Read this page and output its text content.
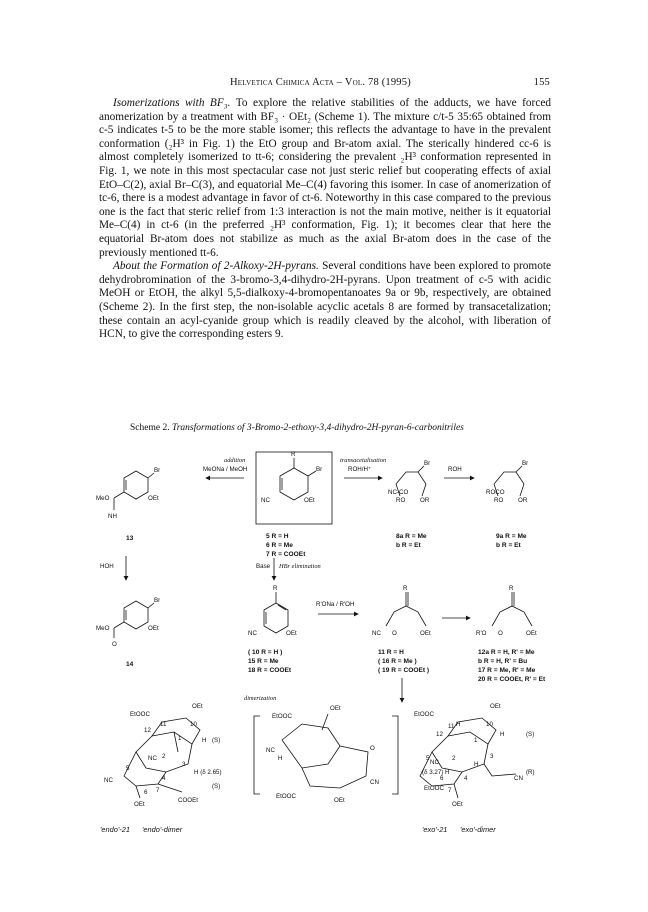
Helvetica Chimica Acta – Vol. 78 (1995)	155

Isomerizations with BF₃. To explore the relative stabilities of the adducts, we have forced anomerization by a treatment with BF₃ · OEt₂ (Scheme 1). The mixture c/t-5 35:65 obtained from c-5 indicates t-5 to be the more stable isomer; this reflects the advantage to have in the prevalent conformation (₂H³ in Fig. 1) the EtO group and Br-atom axial. The sterically hindered cc-6 is almost completely isomerized to tt-6; considering the prevalent ₂H³ conformation represented in Fig. 1, we note in this most spectacular case not just steric relief but cooperating effects of axial EtO–C(2), axial Br–C(3), and equatorial Me–C(4) favoring this isomer. In case of anomerization of tc-6, there is a modest advantage in favor of ct-6. Noteworthy in this case compared to the previous one is the fact that steric relief from 1:3 interaction is not the main motive, neither is it equatorial Me–C(4) in ct-6 (in the preferred ₂H³ conformation, Fig. 1); it becomes clear that here the equatorial Br-atom does not stabilize as much as the axial Br-atom does in the case of the previously mentioned tt-6.

About the Formation of 2-Alkoxy-2H-pyrans. Several conditions have been explored to promote dehydrobromination of the 3-bromo-3,4-dihydro-2H-pyrans. Upon treatment of c-5 with acidic MeOH or EtOH, the alkyl 5,5-dialkoxy-4-bromopentanoates 9a or 9b, respectively, are obtained (Scheme 2). In the first step, the non-isolable acyclic acetals 8 are formed by transacetalization; these contain an acyl-cyanide group which is readily cleaved by the alcohol, with liberation of HCN, to give the corresponding esters 9.

Scheme 2. Transformations of 3-Bromo-2-ethoxy-3,4-dihydro-2H-pyran-6-carbonitriles
Br
MeO	OEt
NH
13
addition
MeONa / MeOH
R
Br
NC	OEt
5 R = H
6 R = Me
7 R = COOEt
transacetalisation
ROH/H⁺
Br
NC-CO
RO OR
8a R = Me
b R = Et
ROH
Br
ROCO
RO OR
9a R = Me
b R = Et
HOH	Base HBr elimination
Br
MeO	OEt
O
14
R
NC	OEt
( 10 R = H )
15 R = Me
18 R = COOEt
R'ONa / R'OH
R
NC O	OEt
11 R = H
( 16 R = Me )
( 19 R = COOEt )
R
R'O O	OEt
12a R = H, R' = Me
b R = H, R' = Bu
17 R = Me, R' = Me
20 R = COOEt, R' = Et
dimerization
EtOOC
OEt
H (S)
NC
H (δ 2.65)
(S)
NC
OEt
COOEt
12
11	10
1
2
3
4
5
6 7
OEt
EtOOC
NC
H
O
EtOOC
CN
OEt
OEt
EtOOC
H
H	(S)
NC
(δ 3.27) H
H
(R)
EtOOC
CN
OEt
12
11	10
1
2	3
4
5
6
7
'endo'-21 'endo'-dimer	'exo'-21 'exo'-dimer
